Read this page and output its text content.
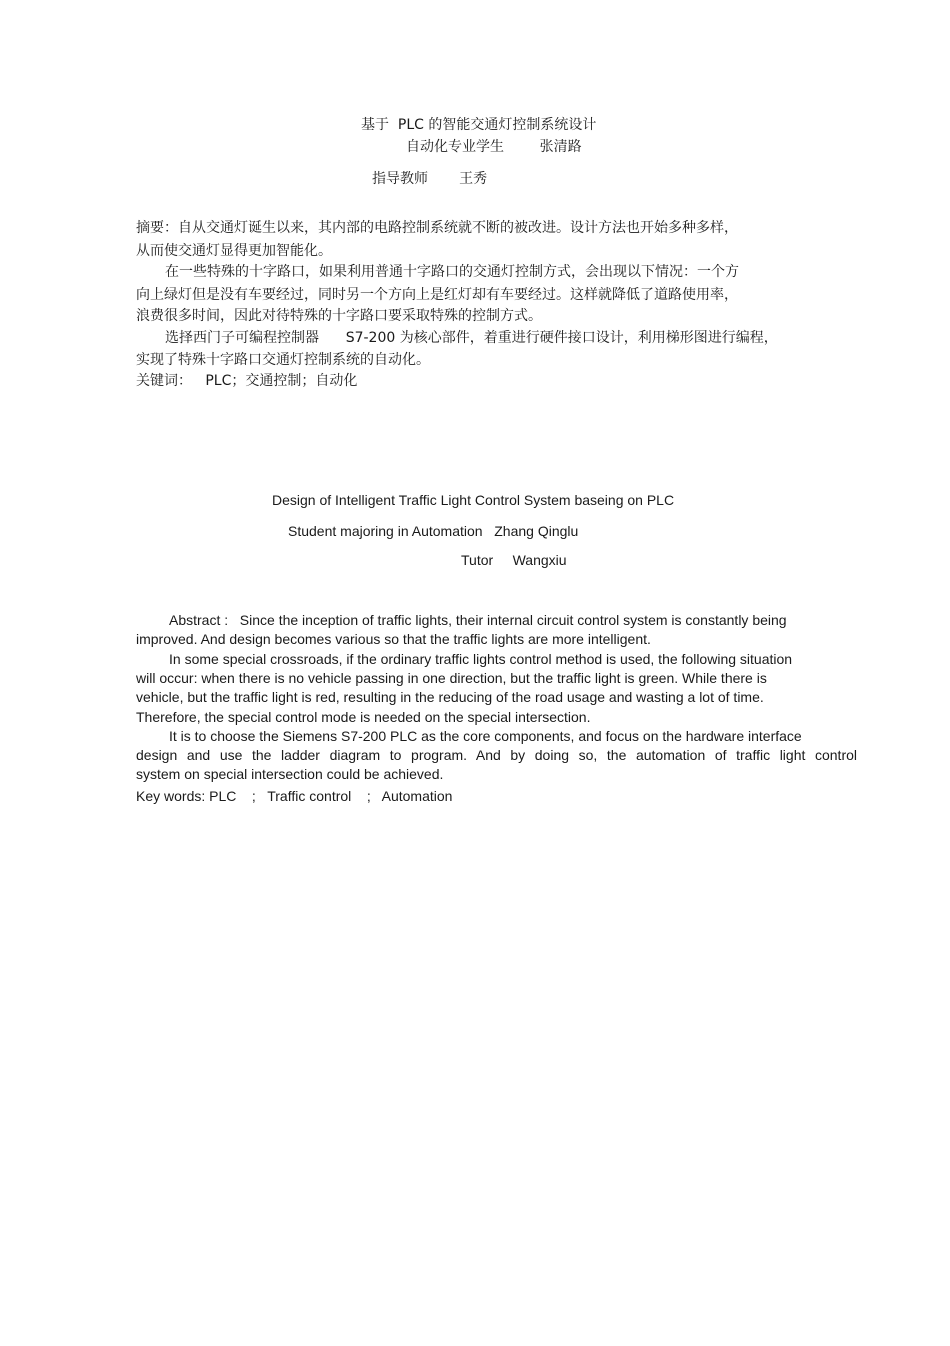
基于  PLC 的智能交通灯控制系统设计
自动化专业学生        张清路
指导教师       王秀
摘要：自从交通灯诞生以来，其内部的电路控制系统就不断的被改进。设计方法也开始多种多样，
从而使交通灯显得更加智能化。
在一些特殊的十字路口，如果利用普通十字路口的交通灯控制方式，会出现以下情况：一个方
向上绿灯但是没有车要经过，同时另一个方向上是红灯却有车要经过。这样就降低了道路使用率，
浪费很多时间，因此对待特殊的十字路口要采取特殊的控制方式。
选择西门子可编程控制器      S7-200 为核心部件，着重进行硬件接口设计，利用梯形图进行编程，
实现了特殊十字路口交通灯控制系统的自动化。
关键词：   PLC；交通控制；自动化
Design of Intelligent Traffic Light Control System baseing on PLC
Student majoring in Automation   Zhang Qinglu
Tutor     Wangxiu
Abstract :   Since the inception of traffic lights, their internal circuit control system is constantly being
improved. And design becomes various so that the traffic lights are more intelligent.
In some special crossroads, if the ordinary traffic lights control method is used, the following situation
will occur: when there is no vehicle passing in one direction, but the traffic light is green. While there is
vehicle, but the traffic light is red, resulting in the reducing of the road usage and wasting a lot of time.
Therefore, the special control mode is needed on the special intersection.
It is to choose the Siemens S7-200 PLC as the core components, and focus on the hardware interface
design and use the ladder diagram to program. And by doing so, the automation of traffic light control
system on special intersection could be achieved.
Key words: PLC    ;   Traffic control    ;   Automation
